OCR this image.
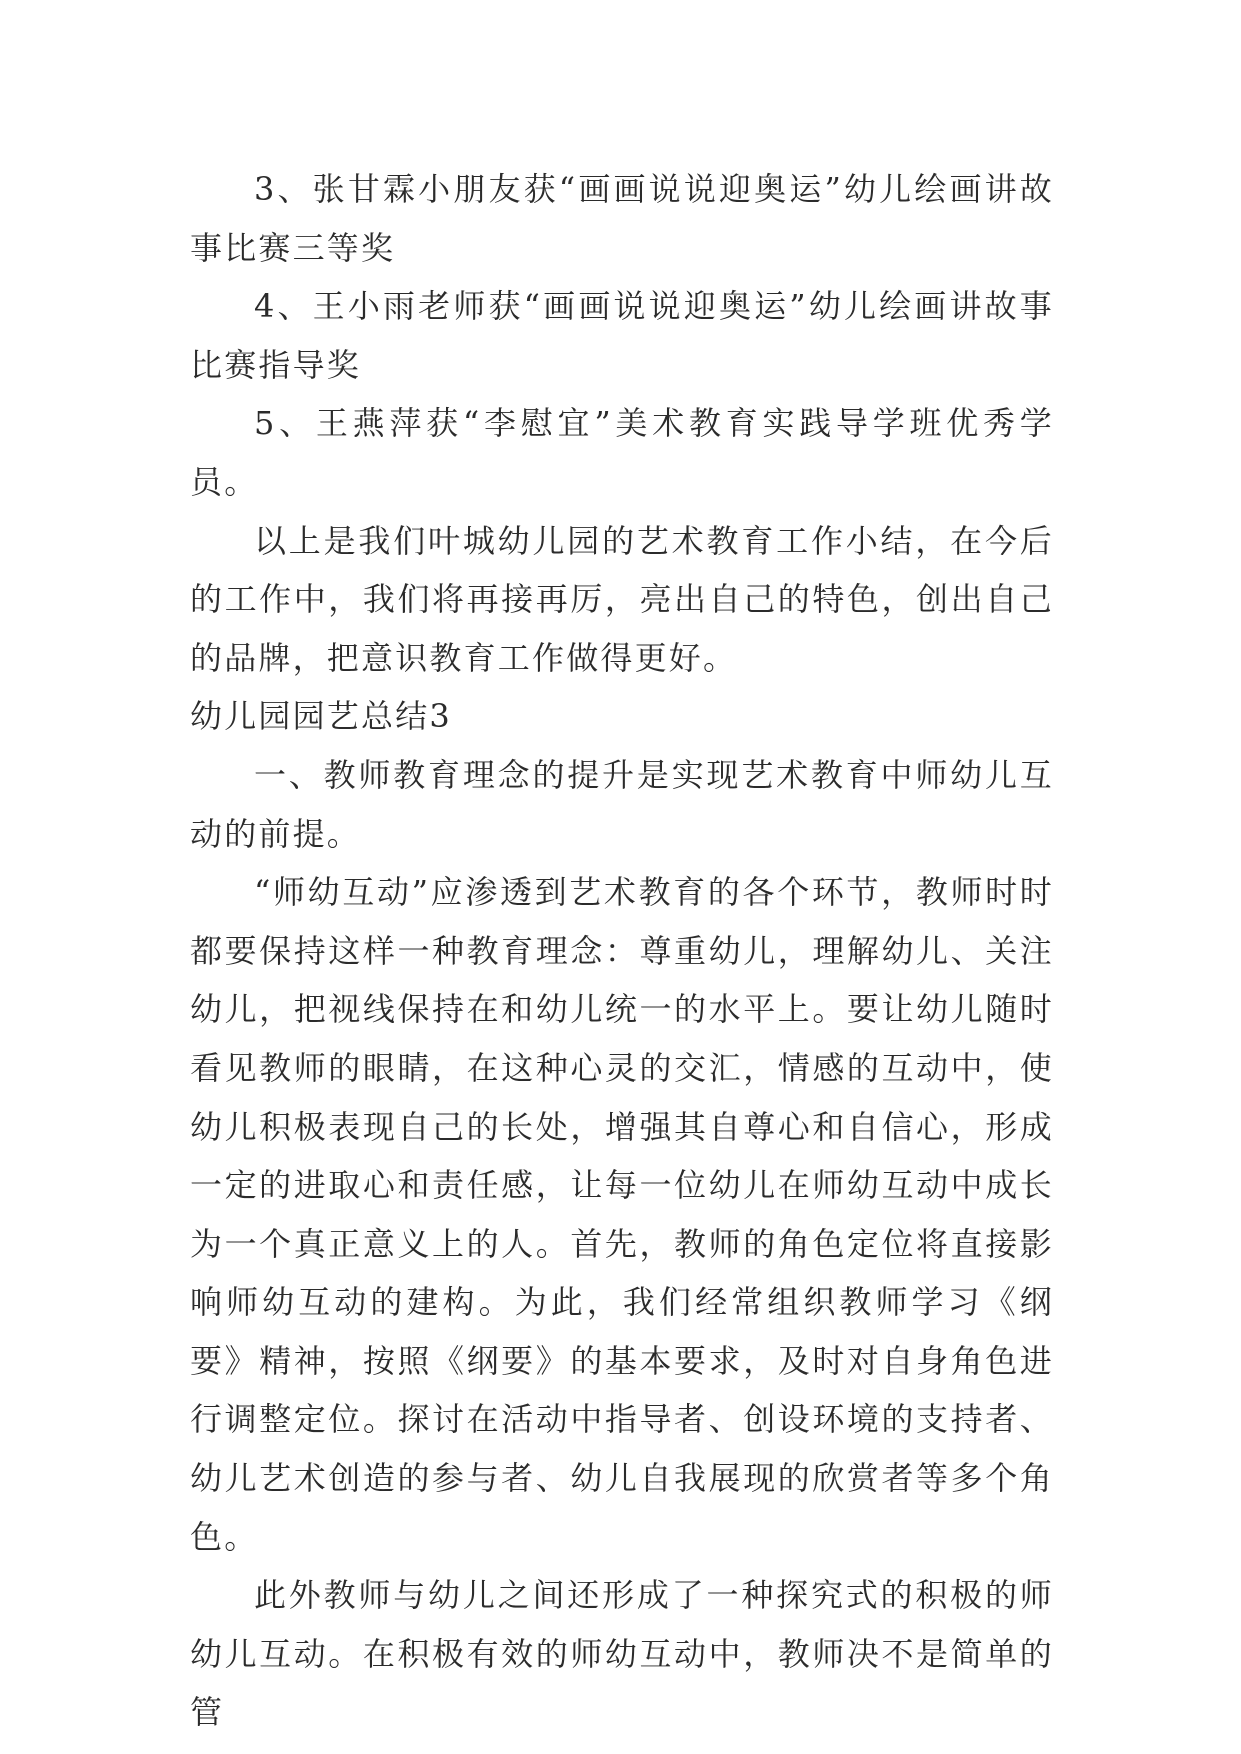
3、张甘霖小朋友获“画画说说迎奥运”幼儿绘画讲故事比赛三等奖

4、王小雨老师获“画画说说迎奥运”幼儿绘画讲故事比赛指导奖

5、王燕萍获“李慰宜”美术教育实践导学班优秀学员。

以上是我们叶城幼儿园的艺术教育工作小结，在今后的工作中，我们将再接再厉，亮出自己的特色，创出自己的品牌，把意识教育工作做得更好。

幼儿园园艺总结3

一、教师教育理念的提升是实现艺术教育中师幼儿互动的前提。

“师幼互动”应渗透到艺术教育的各个环节，教师时时都要保持这样一种教育理念：尊重幼儿，理解幼儿、关注幼儿，把视线保持在和幼儿统一的水平上。要让幼儿随时看见教师的眼睛，在这种心灵的交汇，情感的互动中，使幼儿积极表现自己的长处，增强其自尊心和自信心，形成一定的进取心和责任感，让每一位幼儿在师幼互动中成长为一个真正意义上的人。首先，教师的角色定位将直接影响师幼互动的建构。为此，我们经常组织教师学习《纲要》精神，按照《纲要》的基本要求，及时对自身角色进行调整定位。探讨在活动中指导者、创设环境的支持者、幼儿艺术创造的参与者、幼儿自我展现的欣赏者等多个角色。

此外教师与幼儿之间还形成了一种探究式的积极的师幼儿互动。在积极有效的师幼互动中，教师决不是简单的管
